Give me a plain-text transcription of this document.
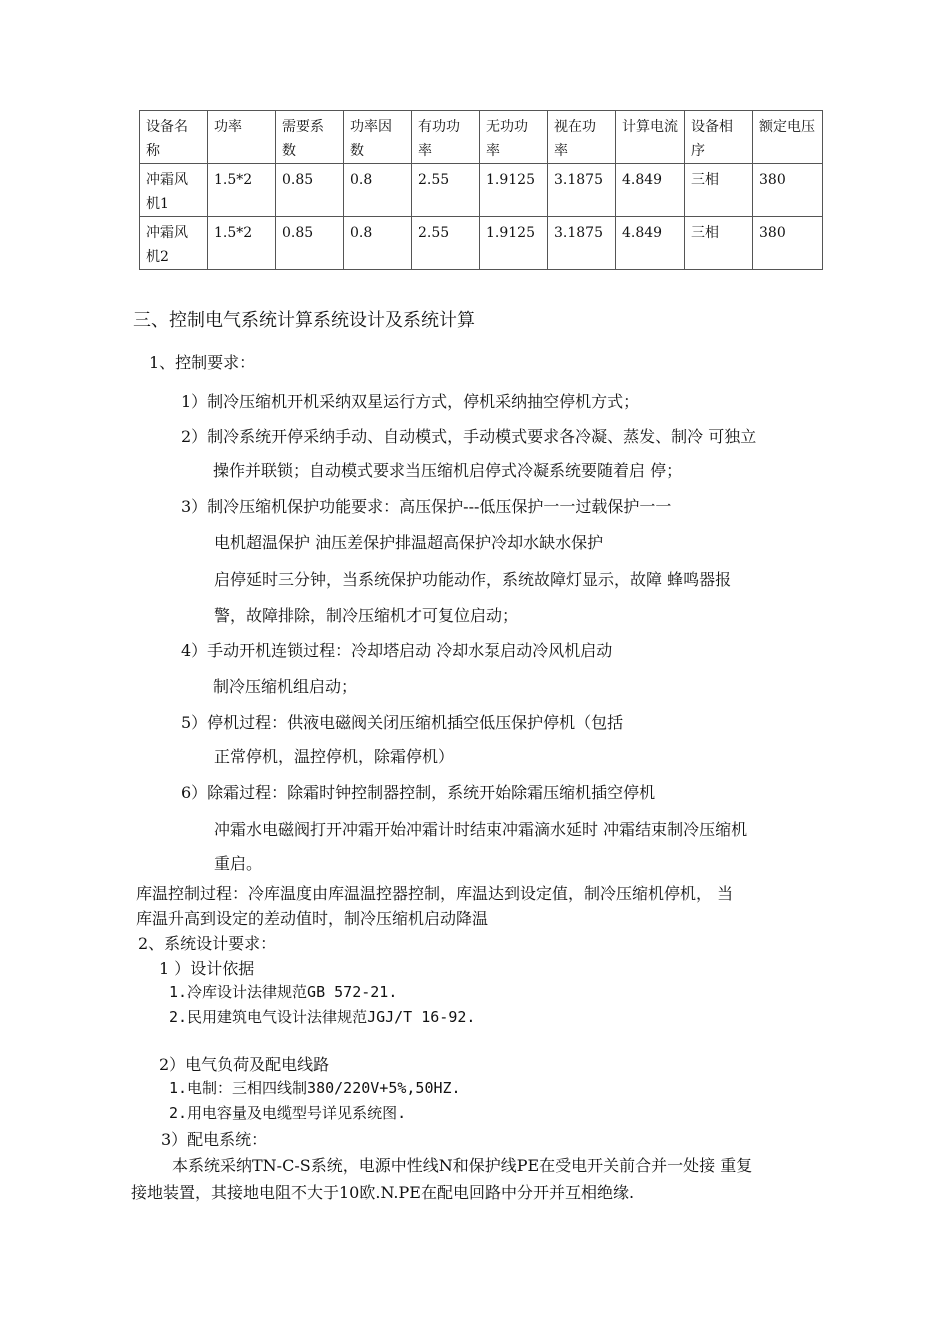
设备名称	功率	需要系数	功率因数	有功功率	无功功率	视在功率	计算电流	设备相序	额定电压
冲霜风机1	1.5*2	0.85	0.8	2.55	1.9125	3.1875	4.849	三相	380
冲霜风机2	1.5*2	0.85	0.8	2.55	1.9125	3.1875	4.849	三相	380
三、控制电气系统计算系统设计及系统计算
1、控制要求：
1）制冷压缩机开机采纳双星运行方式，停机采纳抽空停机方式；
2）制冷系统开停采纳手动、自动模式，手动模式要求各冷凝、蒸发、制冷 可独立
操作并联锁；自动模式要求当压缩机启停式冷凝系统要随着启 停；
3）制冷压缩机保护功能要求：高压保护---低压保护一一过载保护一一
电机超温保护 油压差保护排温超高保护冷却水缺水保护
启停延时三分钟，当系统保护功能动作，系统故障灯显示，故障 蜂鸣器报
警，故障排除，制冷压缩机才可复位启动；
4）手动开机连锁过程：冷却塔启动 冷却水泵启动冷风机启动
制冷压缩机组启动；
5）停机过程：供液电磁阀关闭压缩机插空低压保护停机（包括
正常停机，温控停机，除霜停机）
6）除霜过程：除霜时钟控制器控制，系统开始除霜压缩机插空停机
冲霜水电磁阀打开冲霜开始冲霜计时结束冲霜滴水延时 冲霜结束制冷压缩机
重启。
库温控制过程：冷库温度由库温温控器控制，库温达到设定值，制冷压缩机停机， 当
库温升高到设定的差动值时，制冷压缩机启动降温
2、系统设计要求：
1 ）设计依据
1.冷库设计法律规范GB 572-21.
2.民用建筑电气设计法律规范JGJ/T 16-92.
2）电气负荷及配电线路
1.电制：三相四线制380/220V+5%,50HZ.
2.用电容量及电缆型号详见系统图.
3）配电系统：
本系统采纳TN-C-S系统，电源中性线N和保护线PE在受电开关前合并一处接 重复
接地装置，其接地电阻不大于10欧.N.PE在配电回路中分开并互相绝缘.
